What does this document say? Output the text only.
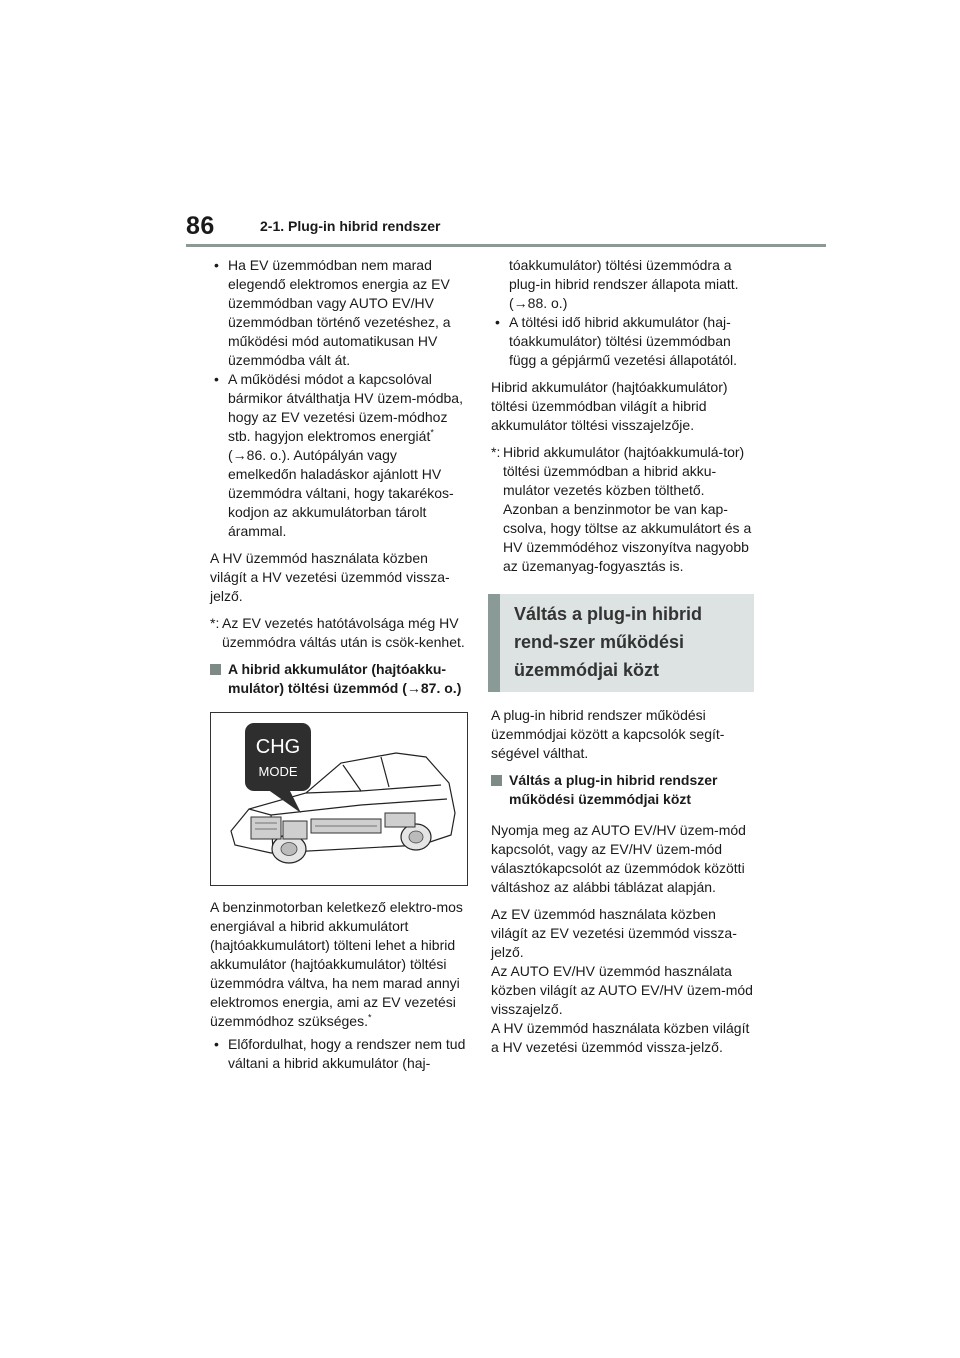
86	2-1. Plug-in hibrid rendszer

• Ha EV üzemmódban nem marad elegendő elektromos energia az EV üzemmódban vagy AUTO EV/HV üzemmódban történő vezetéshez, a működési mód automatikusan HV üzemmódba vált át.

• A működési módot a kapcsolóval bármikor átválthatja HV üzem-módba, hogy az EV vezetési üzem-módhoz stb. hagyjon elektromos energiát* (→86. o.). Autópályán vagy emelkedőn haladáskor ajánlott HV üzemmódra váltani, hogy takarékos-kodjon az akkumulátorban tárolt árammal.

A HV üzemmód használata közben világít a HV vezetési üzemmód vissza-jelző.

*: Az EV vezetés hatótávolsága még HV üzemmódra váltás után is csök-kenhet.
A hibrid akkumulátor (hajtóakku-mulátor) töltési üzemmód (→87. o.)
CHG
MODE

A benzinmotorban keletkező elektro-mos energiával a hibrid akkumulátort (hajtóakkumulátort) tölteni lehet a hibrid akkumulátor (hajtóakkumulátor) töltési üzemmódra váltva, ha nem marad annyi elektromos energia, ami az EV vezetési üzemmódhoz szükséges.*

• Előfordulhat, hogy a rendszer nem tud váltani a hibrid akkumulátor (haj-

tóakkumulátor) töltési üzemmódra a plug-in hibrid rendszer állapota miatt. (→88. o.)

• A töltési idő hibrid akkumulátor (haj-tóakkumulátor) töltési üzemmódban függ a gépjármű vezetési állapotától.

Hibrid akkumulátor (hajtóakkumulátor) töltési üzemmódban világít a hibrid akkumulátor töltési visszajelzője.

*: Hibrid akkumulátor (hajtóakkumulá-tor) töltési üzemmódban a hibrid akku-mulátor vezetés közben tölthető. Azonban a benzinmotor be van kap-csolva, hogy töltse az akkumulátort és a HV üzemmódéhoz viszonyítva nagyobb az üzemanyag-fogyasztás is.
Váltás a plug-in hibrid rend-szer működési üzemmódjai közt

A plug-in hibrid rendszer működési üzemmódjai között a kapcsolók segít-ségével válthat.

Váltás a plug-in hibrid rendszer működési üzemmódjai közt

Nyomja meg az AUTO EV/HV üzem-mód kapcsolót, vagy az EV/HV üzem-mód választókapcsolót az üzemmódok közötti váltáshoz az alábbi táblázat alapján.

Az EV üzemmód használata közben világít az EV vezetési üzemmód vissza-jelző.
Az AUTO EV/HV üzemmód használata közben világít az AUTO EV/HV üzem-mód visszajelző.
A HV üzemmód használata közben világít a HV vezetési üzemmód vissza-jelző.
